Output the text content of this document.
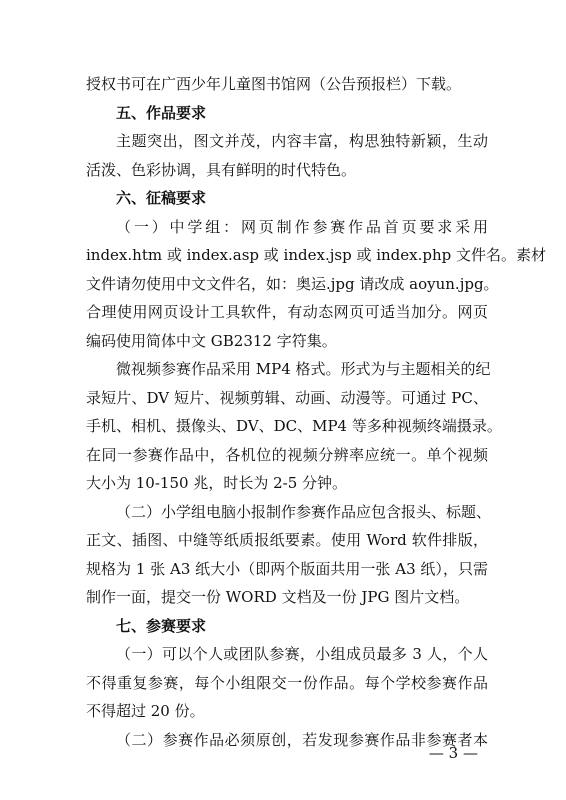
授权书可在广西少年儿童图书馆网（公告预报栏）下载。
五、作品要求
主题突出，图文并茂，内容丰富，构思独特新颖，生动
活泼、色彩协调，具有鲜明的时代特色。
六、征稿要求
（一）中学组：网页制作参赛作品首页要求采用
index.htm 或 index.asp 或 index.jsp 或 index.php 文件名。素材
文件请勿使用中文文件名，如：奥运.jpg 请改成 aoyun.jpg。
合理使用网页设计工具软件，有动态网页可适当加分。网页
编码使用简体中文 GB2312 字符集。
微视频参赛作品采用 MP4 格式。形式为与主题相关的纪
录短片、DV 短片、视频剪辑、动画、动漫等。可通过 PC、
手机、相机、摄像头、DV、DC、MP4 等多种视频终端摄录。
在同一参赛作品中，各机位的视频分辨率应统一。单个视频
大小为 10-150 兆，时长为 2-5 分钟。
（二）小学组电脑小报制作参赛作品应包含报头、标题、
正文、插图、中缝等纸质报纸要素。使用 Word 软件排版，
规格为 1 张 A3 纸大小（即两个版面共用一张 A3 纸），只需
制作一面，提交一份 WORD 文档及一份 JPG 图片文档。
七、参赛要求
（一）可以个人或团队参赛，小组成员最多 3 人，个人
不得重复参赛，每个小组限交一份作品。每个学校参赛作品
不得超过 20 份。
（二）参赛作品必须原创，若发现参赛作品非参赛者本
— 3 —
